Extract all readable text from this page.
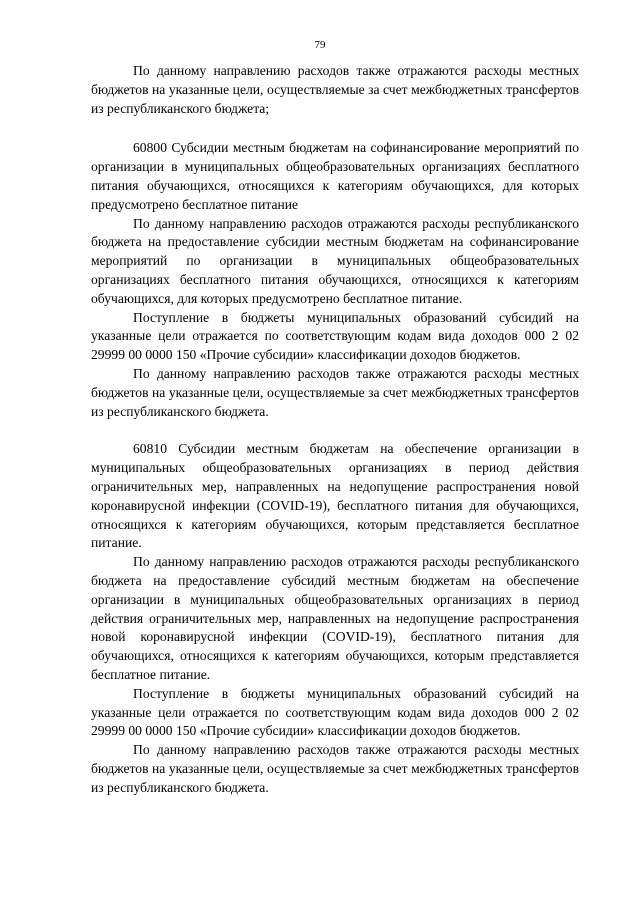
79

По данному направлению расходов также отражаются расходы местных бюджетов на указанные цели, осуществляемые за счет межбюджетных трансфертов из республиканского бюджета;

60800 Субсидии местным бюджетам на софинансирование мероприятий по организации в муниципальных общеобразовательных организациях бесплатного питания обучающихся, относящихся к категориям обучающихся, для которых предусмотрено бесплатное питание

По данному направлению расходов отражаются расходы республиканского бюджета на предоставление субсидии местным бюджетам на софинансирование мероприятий по организации в муниципальных общеобразовательных организациях бесплатного питания обучающихся, относящихся к категориям обучающихся, для которых предусмотрено бесплатное питание.

Поступление в бюджеты муниципальных образований субсидий на указанные цели отражается по соответствующим кодам вида доходов 000 2 02 29999 00 0000 150 «Прочие субсидии» классификации доходов бюджетов.

По данному направлению расходов также отражаются расходы местных бюджетов на указанные цели, осуществляемые за счет межбюджетных трансфертов из республиканского бюджета.

60810 Субсидии местным бюджетам на обеспечение организации в муниципальных общеобразовательных организациях в период действия ограничительных мер, направленных на недопущение распространения новой коронавирусной инфекции (COVID-19), бесплатного питания для обучающихся, относящихся к категориям обучающихся, которым представляется бесплатное питание.

По данному направлению расходов отражаются расходы республиканского бюджета на предоставление субсидий местным бюджетам на обеспечение организации в муниципальных общеобразовательных организациях в период действия ограничительных мер, направленных на недопущение распространения новой коронавирусной инфекции (COVID-19), бесплатного питания для обучающихся, относящихся к категориям обучающихся, которым представляется бесплатное питание.

Поступление в бюджеты муниципальных образований субсидий на указанные цели отражается по соответствующим кодам вида доходов 000 2 02 29999 00 0000 150 «Прочие субсидии» классификации доходов бюджетов.

По данному направлению расходов также отражаются расходы местных бюджетов на указанные цели, осуществляемые за счет межбюджетных трансфертов из республиканского бюджета.
